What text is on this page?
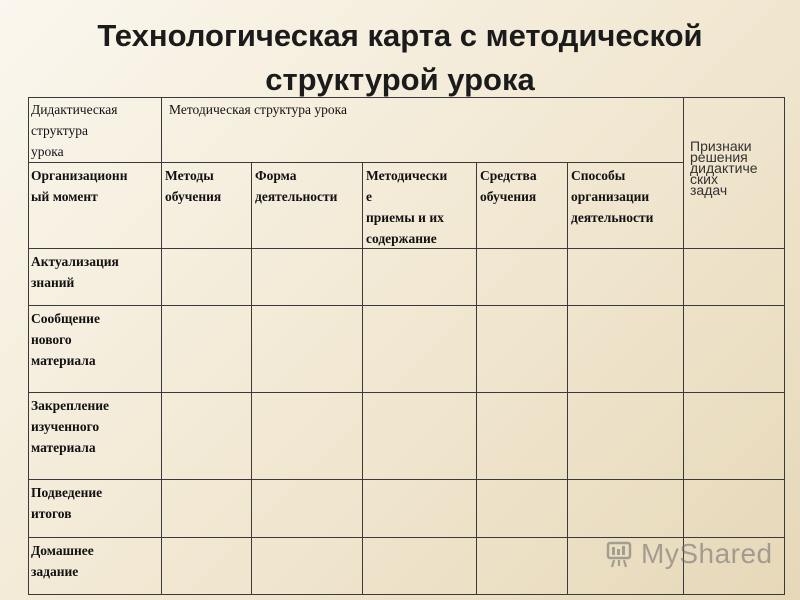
Технологическая карта с методической
структурой урока
Дидактическая
структура
урока
Методическая структура урока
Признаки
решения
дидактиче
ских
задач
Организационн
ый момент
Методы
обучения
Форма
деятельности
Методически
е
приемы и их
содержание
Средства
обучения
Способы
организации
деятельности
Актуализация
знаний
Сообщение
нового
материала
Закрепление
изученного
материала
Подведение
итогов
Домашнее
задание
MyShared
